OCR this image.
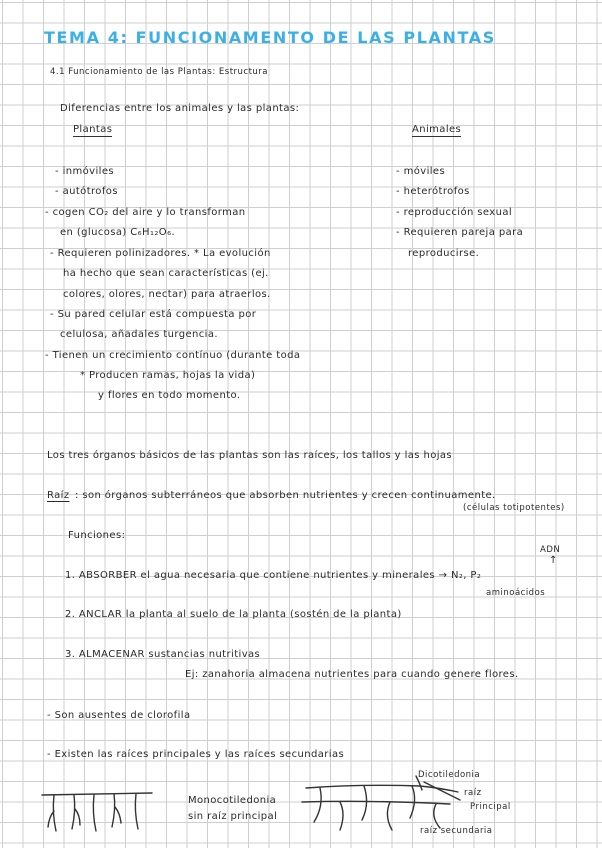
TEMA 4: FUNCIONAMENTO DE LAS PLANTAS
4.1 Funcionamiento de las Plantas: Estructura
Diferencias entre los animales y las plantas:
Plantas	Animales
- inmóviles
- autótrofos
- cogen CO₂ del aire y lo transforman
en (glucosa) C₆H₁₂O₆.
- Requieren polinizadores. * La evolución
ha hecho que sean características (ej.
colores, olores, nectar) para atraerlos.
- Su pared celular está compuesta por
celulosa, añadales turgencia.
- Tienen un crecimiento contínuo (durante toda
* Producen ramas, hojas la vida)
y flores en todo momento.
- móviles
- heterótrofos
- reproducción sexual
- Requieren pareja para
reproducirse.
Los tres órganos básicos de las plantas son las raíces, los tallos y las hojas
Raíz : son órganos subterráneos que absorben nutrientes y crecen continuamente.
(células totipotentes)
Funciones:
ADN
↑
1. ABSORBER el agua necesaria que contiene nutrientes y minerales → N₂, P₂
aminoácidos
2. ANCLAR la planta al suelo de la planta (sostén de la planta)
3. ALMACENAR sustancias nutritivas
Ej: zanahoria almacena nutrientes para cuando genere flores.
- Son ausentes de clorofila
- Existen las raíces principales y las raíces secundarias
Monocotiledonia
sin raíz principal
Dicotiledonia
raíz
Principal
raíz secundaria
